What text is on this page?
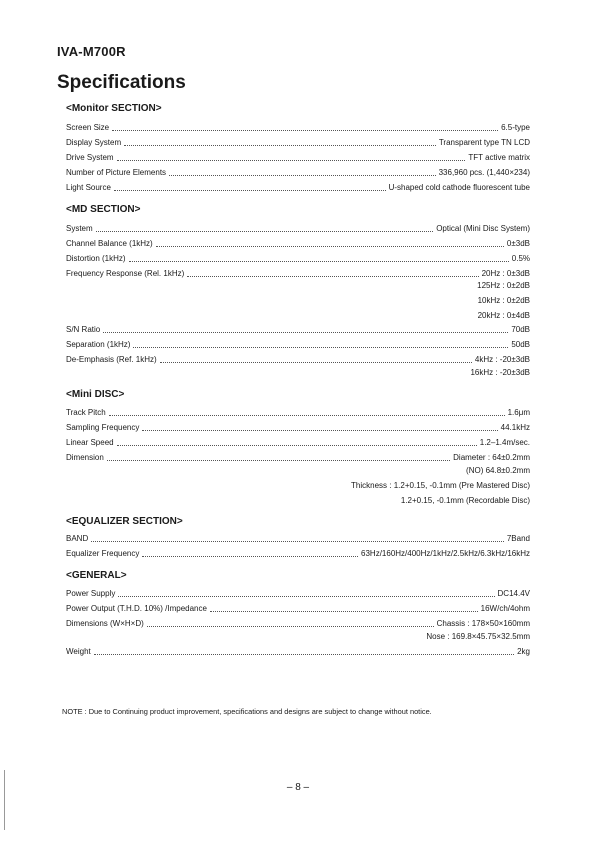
IVA-M700R
Specifications
<Monitor SECTION>
Screen Size	6.5-type
Display System	Transparent type TN LCD
Drive System	TFT active matrix
Number of Picture Elements	336,960 pcs. (1,440×234)
Light Source	U-shaped cold cathode fluorescent tube
<MD SECTION>
System	Optical (Mini Disc System)
Channel Balance (1kHz)	0±3dB
Distortion (1kHz)	0.5%
Frequency Response (Rel. 1kHz)	20Hz : 0±3dB
125Hz : 0±2dB
10kHz : 0±2dB
20kHz : 0±4dB
S/N Ratio	70dB
Separation (1kHz)	50dB
De-Emphasis (Ref. 1kHz)	4kHz : -20±3dB
16kHz : -20±3dB
<Mini DISC>
Track Pitch	1.6μm
Sampling Frequency	44.1kHz
Linear Speed	1.2–1.4m/sec.
Dimension	Diameter : 64±0.2mm
(NO) 64.8±0.2mm
Thickness : 1.2+0.15, -0.1mm (Pre Mastered Disc)
1.2+0.15, -0.1mm (Recordable Disc)
<EQUALIZER SECTION>
BAND	7Band
Equalizer Frequency	63Hz/160Hz/400Hz/1kHz/2.5kHz/6.3kHz/16kHz
<GENERAL>
Power Supply	DC14.4V
Power Output (T.H.D. 10%) /Impedance	16W/ch/4ohm
Dimensions (W×H×D)	Chassis : 178×50×160mm
Nose : 169.8×45.75×32.5mm
Weight	2kg
NOTE : Due to Continuing product improvement, specifications and designs are subject to change without notice.
– 8 –
